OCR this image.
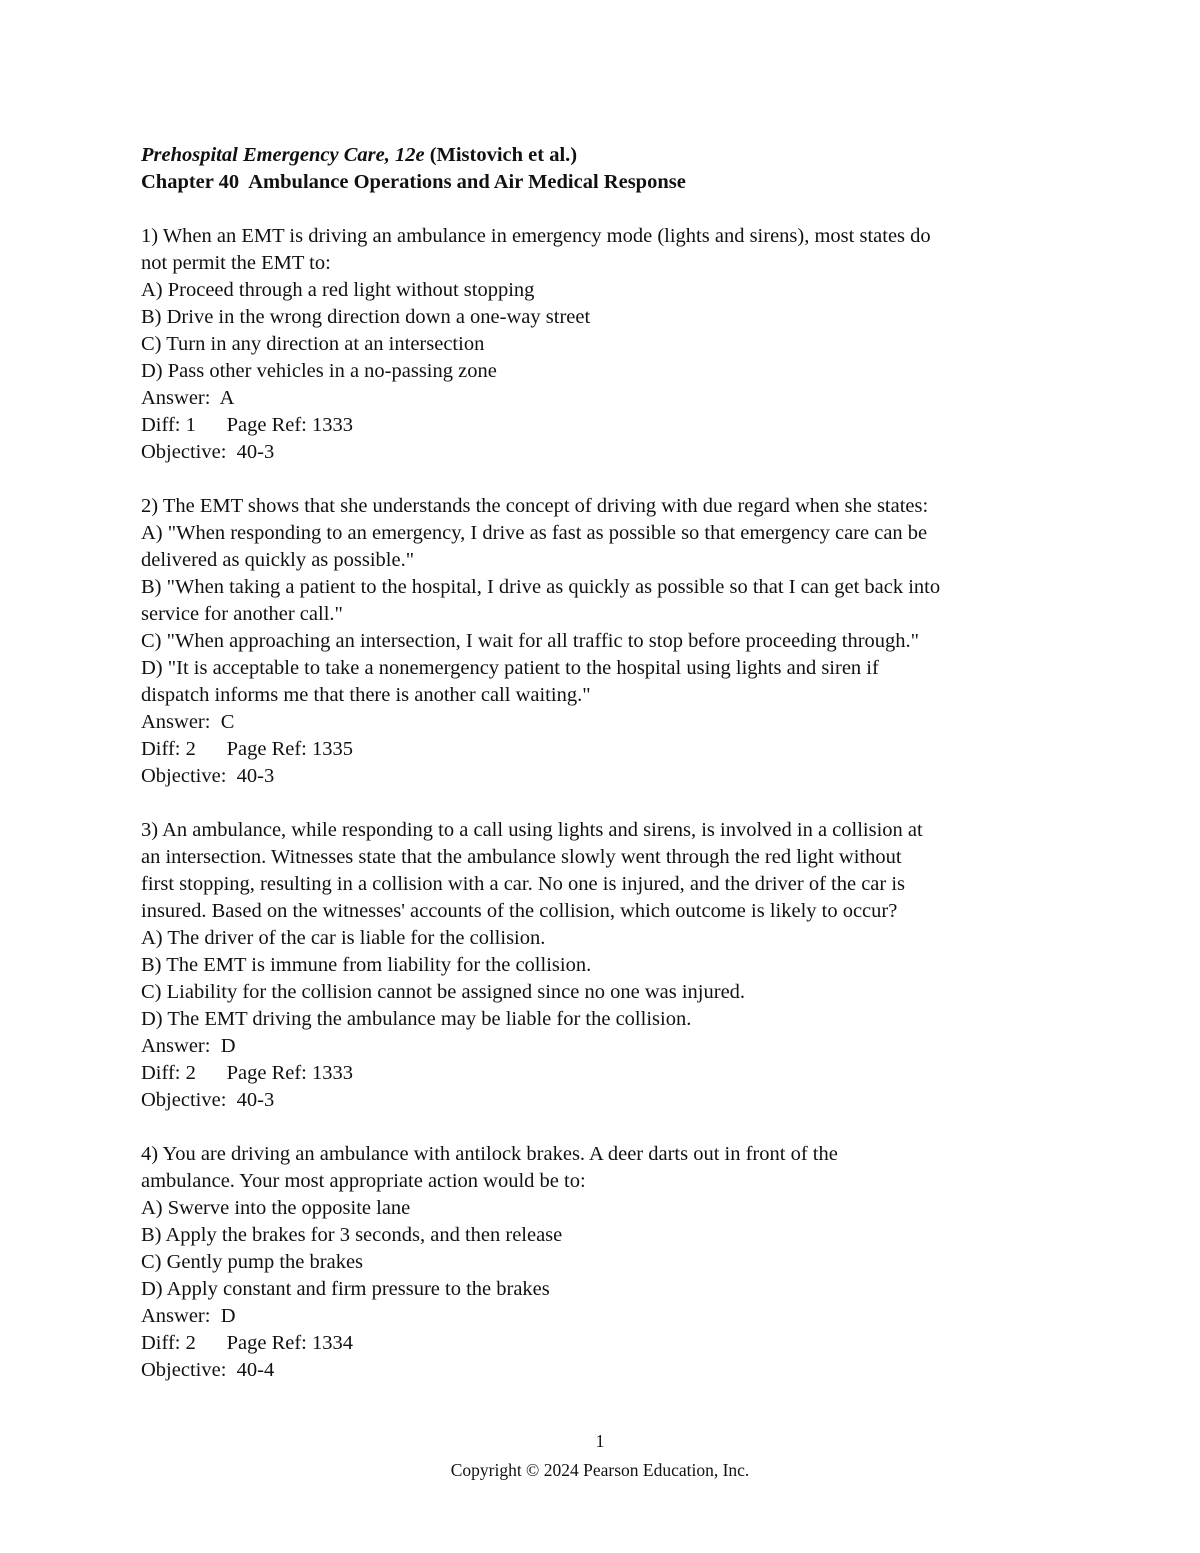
Prehospital Emergency Care, 12e (Mistovich et al.)
Chapter 40  Ambulance Operations and Air Medical Response
1) When an EMT is driving an ambulance in emergency mode (lights and sirens), most states do
not permit the EMT to:
A) Proceed through a red light without stopping
B) Drive in the wrong direction down a one-way street
C) Turn in any direction at an intersection
D) Pass other vehicles in a no-passing zone
Answer:  A
Diff: 1      Page Ref: 1333
Objective:  40-3
2) The EMT shows that she understands the concept of driving with due regard when she states:
A) "When responding to an emergency, I drive as fast as possible so that emergency care can be
delivered as quickly as possible."
B) "When taking a patient to the hospital, I drive as quickly as possible so that I can get back into
service for another call."
C) "When approaching an intersection, I wait for all traffic to stop before proceeding through."
D) "It is acceptable to take a nonemergency patient to the hospital using lights and siren if
dispatch informs me that there is another call waiting."
Answer:  C
Diff: 2      Page Ref: 1335
Objective:  40-3
3) An ambulance, while responding to a call using lights and sirens, is involved in a collision at
an intersection. Witnesses state that the ambulance slowly went through the red light without
first stopping, resulting in a collision with a car. No one is injured, and the driver of the car is
insured. Based on the witnesses' accounts of the collision, which outcome is likely to occur?
A) The driver of the car is liable for the collision.
B) The EMT is immune from liability for the collision.
C) Liability for the collision cannot be assigned since no one was injured.
D) The EMT driving the ambulance may be liable for the collision.
Answer:  D
Diff: 2      Page Ref: 1333
Objective:  40-3
4) You are driving an ambulance with antilock brakes. A deer darts out in front of the
ambulance. Your most appropriate action would be to:
A) Swerve into the opposite lane
B) Apply the brakes for 3 seconds, and then release
C) Gently pump the brakes
D) Apply constant and firm pressure to the brakes
Answer:  D
Diff: 2      Page Ref: 1334
Objective:  40-4
1
Copyright © 2024 Pearson Education, Inc.
